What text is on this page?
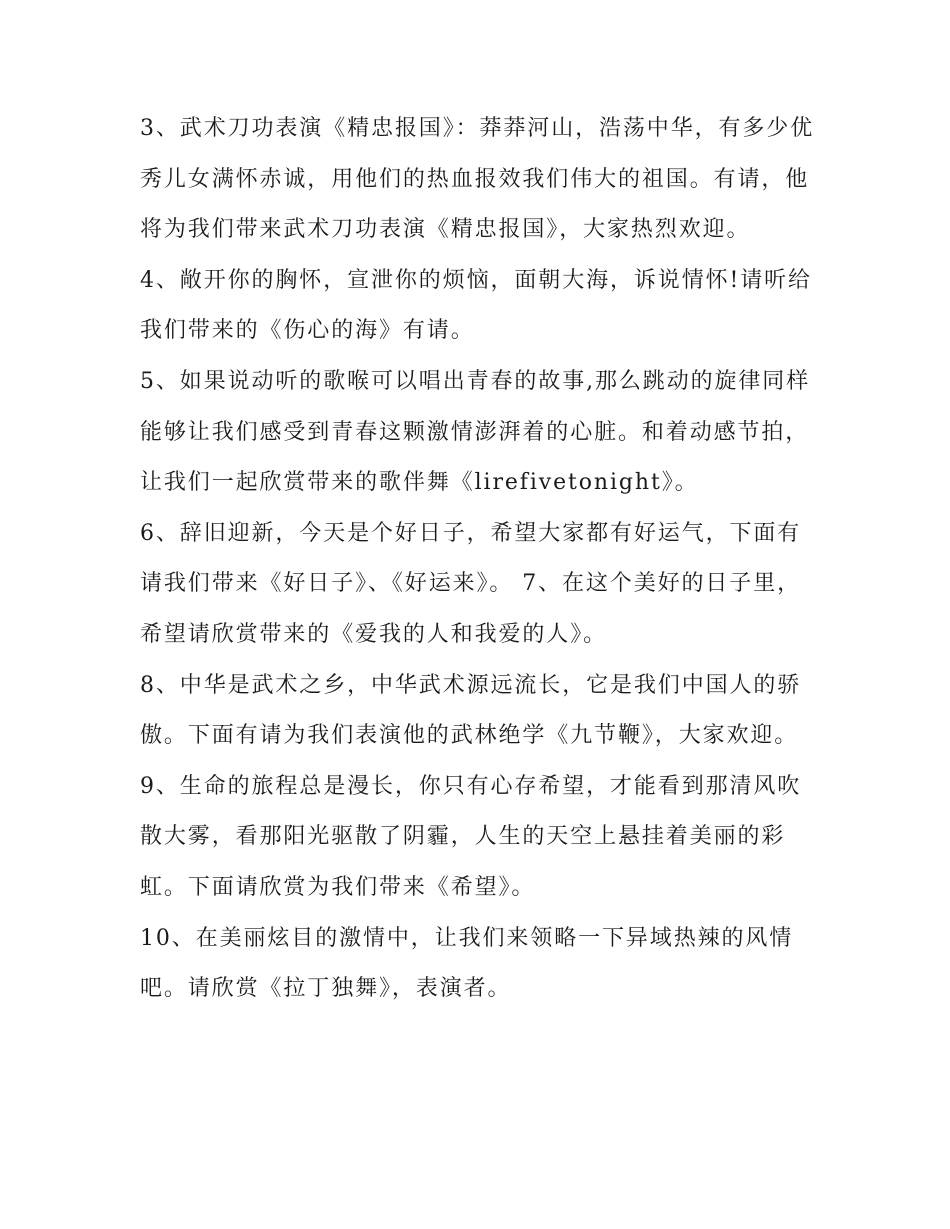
3、武术刀功表演《精忠报国》：莽莽河山，浩荡中华，有多少优秀儿女满怀赤诚，用他们的热血报效我们伟大的祖国。有请，他将为我们带来武术刀功表演《精忠报国》，大家热烈欢迎。

4、敞开你的胸怀，宣泄你的烦恼，面朝大海，诉说情怀!请听给我们带来的《伤心的海》有请。

5、如果说动听的歌喉可以唱出青春的故事,那么跳动的旋律同样能够让我们感受到青春这颗激情澎湃着的心脏。和着动感节拍，让我们一起欣赏带来的歌伴舞《lirefivetonight》。

6、辞旧迎新，今天是个好日子，希望大家都有好运气，下面有请我们带来《好日子》、《好运来》。 7、在这个美好的日子里，希望请欣赏带来的《爱我的人和我爱的人》。

8、中华是武术之乡，中华武术源远流长，它是我们中国人的骄傲。下面有请为我们表演他的武林绝学《九节鞭》，大家欢迎。

9、生命的旅程总是漫长，你只有心存希望，才能看到那清风吹散大雾，看那阳光驱散了阴霾，人生的天空上悬挂着美丽的彩虹。下面请欣赏为我们带来《希望》。

10、在美丽炫目的激情中，让我们来领略一下异域热辣的风情吧。请欣赏《拉丁独舞》，表演者。
